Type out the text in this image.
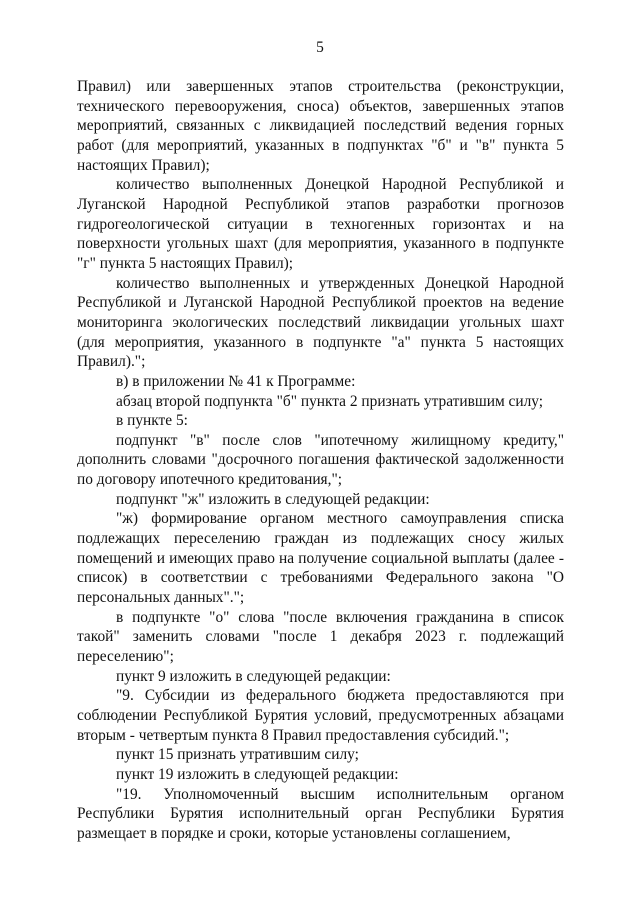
5

Правил) или завершенных этапов строительства (реконструкции, технического перевооружения, сноса) объектов, завершенных этапов мероприятий, связанных с ликвидацией последствий ведения горных работ (для мероприятий, указанных в подпунктах "б" и "в" пункта 5 настоящих Правил);

количество выполненных Донецкой Народной Республикой и Луганской Народной Республикой этапов разработки прогнозов гидрогеологической ситуации в техногенных горизонтах и на поверхности угольных шахт (для мероприятия, указанного в подпункте "г" пункта 5 настоящих Правил);

количество выполненных и утвержденных Донецкой Народной Республикой и Луганской Народной Республикой проектов на ведение мониторинга экологических последствий ликвидации угольных шахт (для мероприятия, указанного в подпункте "а" пункта 5 настоящих Правил).";

в) в приложении № 41 к Программе:

абзац второй подпункта "б" пункта 2 признать утратившим силу;

в пункте 5:

подпункт "в" после слов "ипотечному жилищному кредиту," дополнить словами "досрочного погашения фактической задолженности по договору ипотечного кредитования,";

подпункт "ж" изложить в следующей редакции:

"ж) формирование органом местного самоуправления списка подлежащих переселению граждан из подлежащих сносу жилых помещений и имеющих право на получение социальной выплаты (далее - список) в соответствии с требованиями Федерального закона "О персональных данных".";

в подпункте "о" слова "после включения гражданина в список такой" заменить словами "после 1 декабря 2023 г. подлежащий переселению";

пункт 9 изложить в следующей редакции:

"9. Субсидии из федерального бюджета предоставляются при соблюдении Республикой Бурятия условий, предусмотренных абзацами вторым - четвертым пункта 8 Правил предоставления субсидий.";

пункт 15 признать утратившим силу;

пункт 19 изложить в следующей редакции:

"19. Уполномоченный высшим исполнительным органом Республики Бурятия исполнительный орган Республики Бурятия размещает в порядке и сроки, которые установлены соглашением,
